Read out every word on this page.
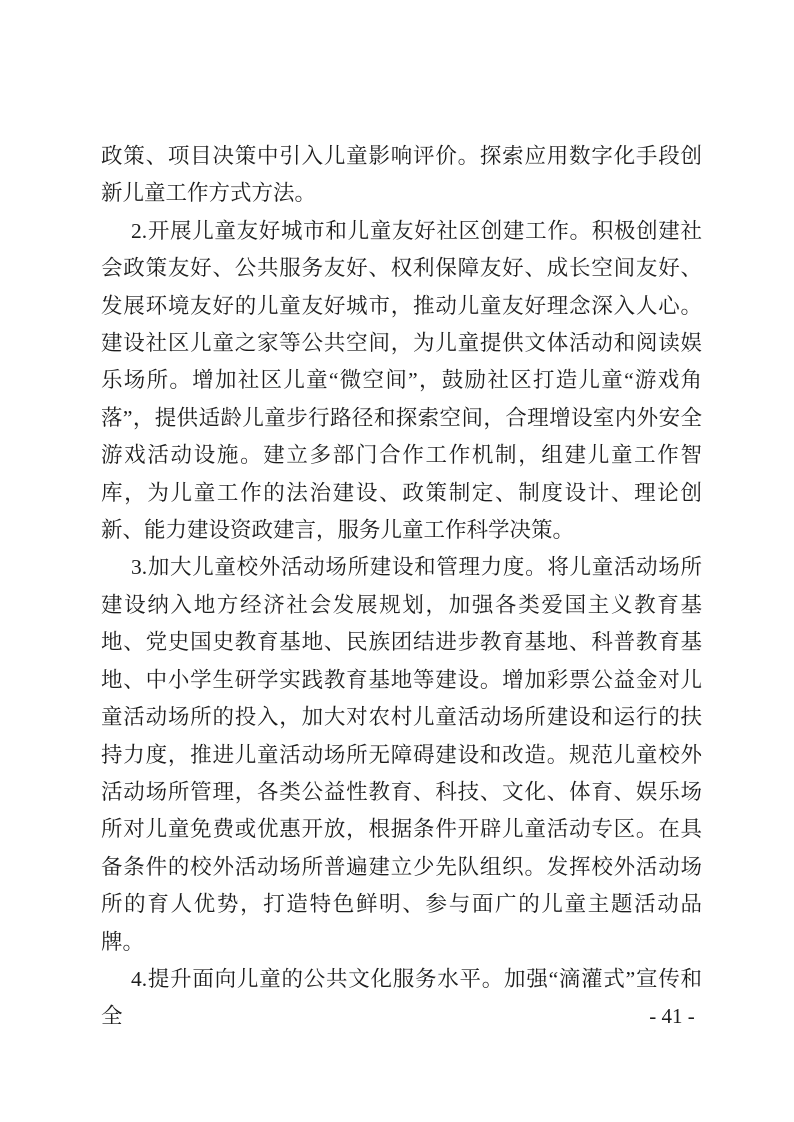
政策、项目决策中引入儿童影响评价。探索应用数字化手段创新儿童工作方式方法。

2.开展儿童友好城市和儿童友好社区创建工作。积极创建社会政策友好、公共服务友好、权利保障友好、成长空间友好、发展环境友好的儿童友好城市，推动儿童友好理念深入人心。建设社区儿童之家等公共空间，为儿童提供文体活动和阅读娱乐场所。增加社区儿童“微空间”，鼓励社区打造儿童“游戏角落”，提供适龄儿童步行路径和探索空间，合理增设室内外安全游戏活动设施。建立多部门合作工作机制，组建儿童工作智库，为儿童工作的法治建设、政策制定、制度设计、理论创新、能力建设资政建言，服务儿童工作科学决策。

3.加大儿童校外活动场所建设和管理力度。将儿童活动场所建设纳入地方经济社会发展规划，加强各类爱国主义教育基地、党史国史教育基地、民族团结进步教育基地、科普教育基地、中小学生研学实践教育基地等建设。增加彩票公益金对儿童活动场所的投入，加大对农村儿童活动场所建设和运行的扶持力度，推进儿童活动场所无障碍建设和改造。规范儿童校外活动场所管理，各类公益性教育、科技、文化、体育、娱乐场所对儿童免费或优惠开放，根据条件开辟儿童活动专区。在具备条件的校外活动场所普遍建立少先队组织。发挥校外活动场所的育人优势，打造特色鲜明、参与面广的儿童主题活动品牌。

4.提升面向儿童的公共文化服务水平。加强“滴灌式”宣传和全	- 41 -
